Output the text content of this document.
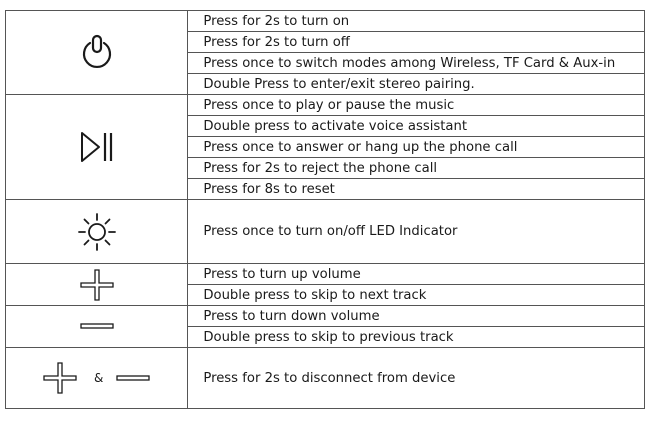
	Press for 2s to turn on
	Press for 2s to turn off
	Press once to switch modes among Wireless, TF Card & Aux-in
	Double Press to enter/exit stereo pairing.
	Press once to play or pause the music
	Double press to activate voice assistant
	Press once to answer or hang up the phone call
	Press for 2s to reject the phone call
	Press for 8s to reset
	Press once to turn on/off LED Indicator
	Press to turn up volume
	Double press to skip to next track
	Press to turn down volume
	Double press to skip to previous track
&	Press for 2s to disconnect from device
